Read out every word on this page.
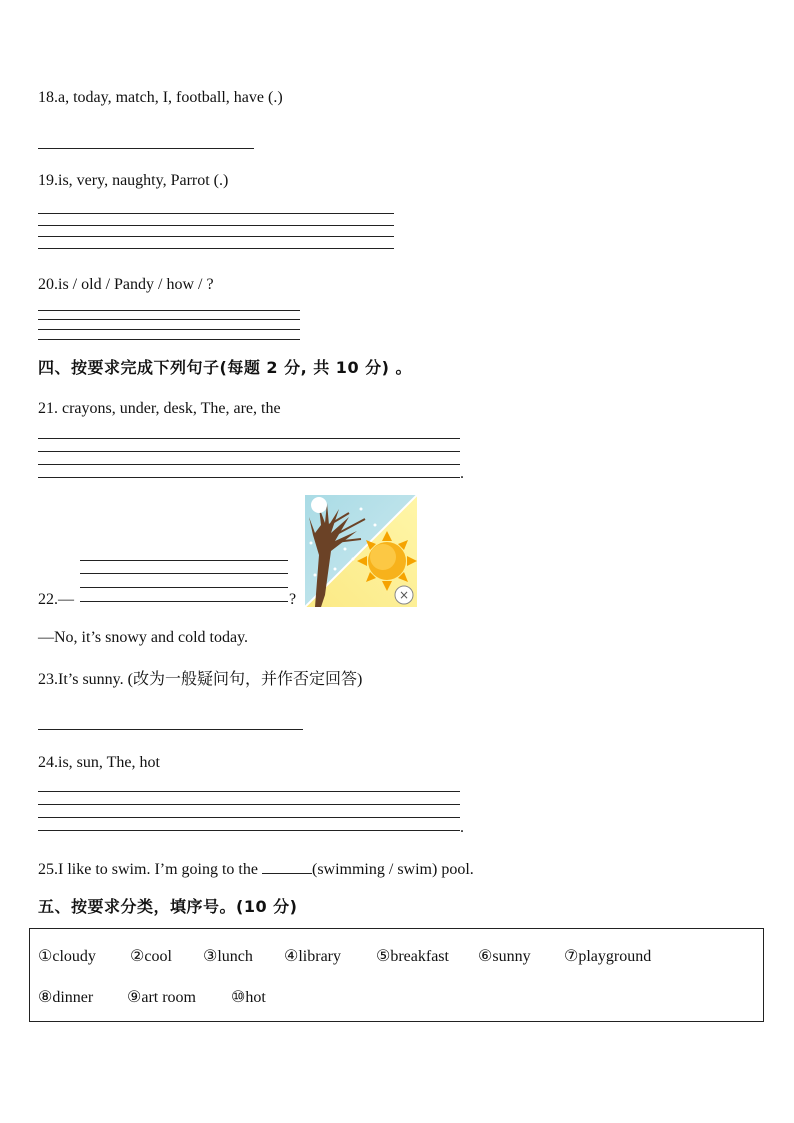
18.a, today, match, I, football, have (.)
19.is, very, naughty, Parrot (.)
20.is / old / Pandy / how / ?
四、按要求完成下列句子(每题 2 分, 共 10 分) 。
21. crayons, under, desk, The, are, the
.
22.—	?	×
—No, it’s snowy and cold today.
23.It’s sunny. (改为一般疑问句，并作否定回答)
24.is, sun, The, hot
.
25.I like to swim. I’m going to the	(swimming / swim) pool.
五、按要求分类，填序号。(10 分)
①cloudy ②cool ③lunch ④library ⑤breakfast ⑥sunny ⑦playground
⑧dinner ⑨art room ⑩hot
